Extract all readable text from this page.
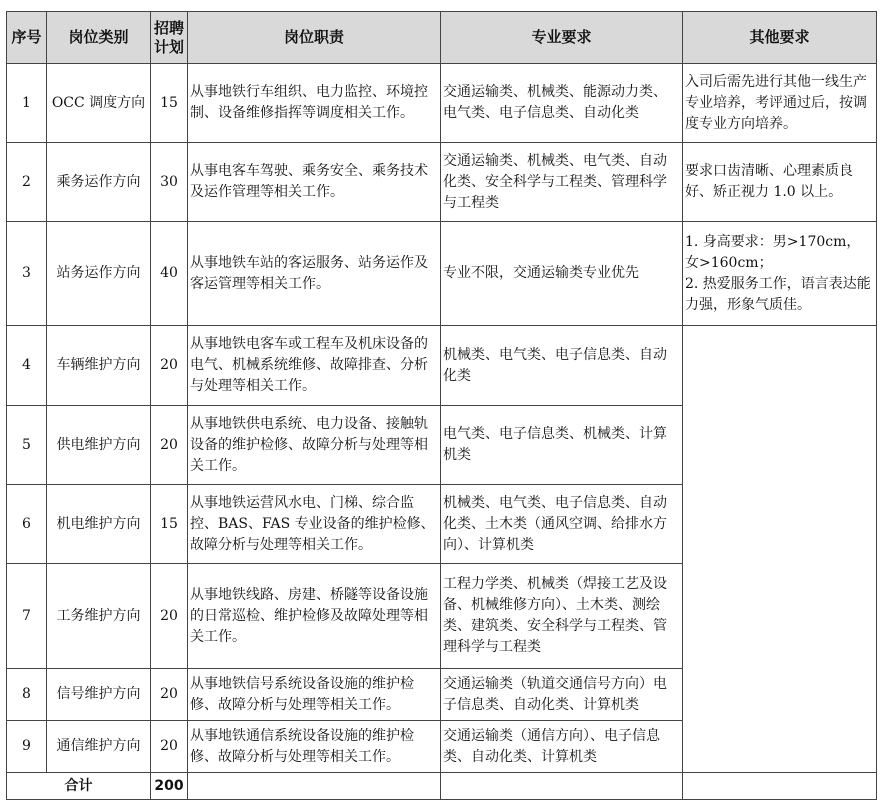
序号	岗位类别	招聘计划	岗位职责	专业要求	其他要求
1	OCC 调度方向	15	从事地铁行车组织、电力监控、环境控制、设备维修指挥等调度相关工作。	交通运输类、机械类、能源动力类、电气类、电子信息类、自动化类	入司后需先进行其他一线生产专业培养，考评通过后，按调度专业方向培养。
2	乘务运作方向	30	从事电客车驾驶、乘务安全、乘务技术及运作管理等相关工作。	交通运输类、机械类、电气类、自动化类、安全科学与工程类、管理科学与工程类	要求口齿清晰、心理素质良好、矫正视力 1.0 以上。
3	站务运作方向	40	从事地铁车站的客运服务、站务运作及客运管理等相关工作。	专业不限，交通运输类专业优先	1. 身高要求：男>170cm，女>160cm；
2. 热爱服务工作，语言表达能力强，形象气质佳。
4	车辆维护方向	20	从事地铁电客车或工程车及机床设备的电气、机械系统维修、故障排查、分析与处理等相关工作。	机械类、电气类、电子信息类、自动化类	
5	供电维护方向	20	从事地铁供电系统、电力设备、接触轨设备的维护检修、故障分析与处理等相关工作。	电气类、电子信息类、机械类、计算机类	
6	机电维护方向	15	从事地铁运营风水电、门梯、综合监控、BAS、FAS 专业设备的维护检修、故障分析与处理等相关工作。	机械类、电气类、电子信息类、自动化类、土木类（通风空调、给排水方向）、计算机类	
7	工务维护方向	20	从事地铁线路、房建、桥隧等设备设施的日常巡检、维护检修及故障处理等相关工作。	工程力学类、机械类（焊接工艺及设备、机械维修方向）、土木类、测绘类、建筑类、安全科学与工程类、管理科学与工程类	
8	信号维护方向	20	从事地铁信号系统设备设施的维护检修、故障分析与处理等相关工作。	交通运输类（轨道交通信号方向）电子信息类、自动化类、计算机类	
9	通信维护方向	20	从事地铁通信系统设备设施的维护检修、故障分析与处理等相关工作。	交通运输类（通信方向）、电子信息类、自动化类、计算机类	
合计		200			
